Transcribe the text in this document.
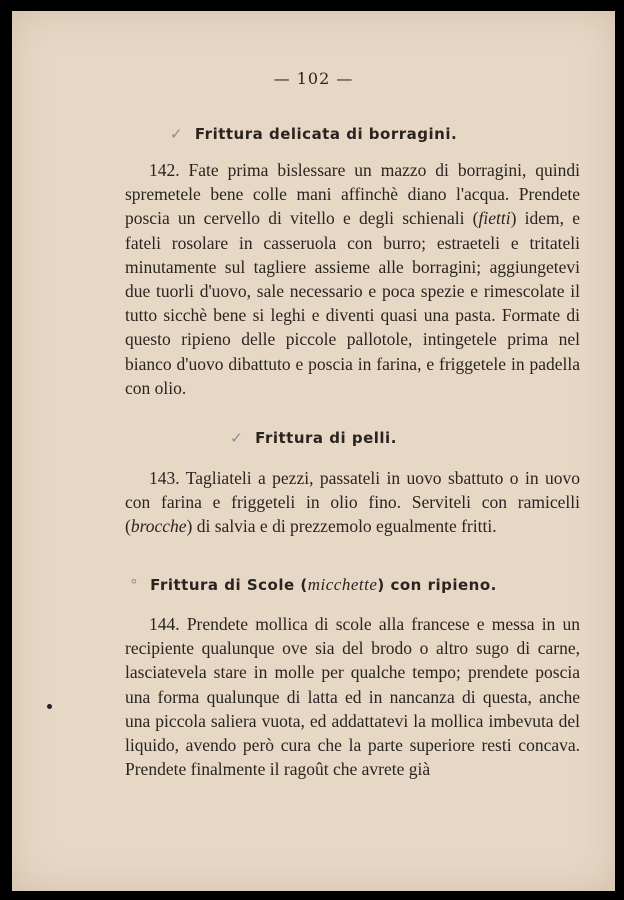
— 102 —
✓ Frittura delicata di borragini.
142. Fate prima bislessare un mazzo di borragini, quindi spremetele bene colle mani affinchè diano l'acqua. Prendete poscia un cervello di vitello e degli schienali (fietti) idem, e fateli rosolare in casseruola con burro; estraeteli e tritateli minutamente sul tagliere assieme alle borragini; aggiungetevi due tuorli d'uovo, sale necessario e poca spezie e rimescolate il tutto sicchè bene si leghi e diventi quasi una pasta. Formate di questo ripieno delle piccole pallotole, intingetele prima nel bianco d'uovo dibattuto e poscia in farina, e friggetele in padella con olio.
✓ Frittura di pelli.
143. Tagliateli a pezzi, passateli in uovo sbattuto o in uovo con farina e friggeteli in olio fino. Serviteli con ramicelli (brocche) di salvia e di prezzemolo egualmente fritti.
° Frittura di Scole (micchette) con ripieno.
144. Prendete mollica di scole alla francese e messa in un recipiente qualunque ove sia del brodo o altro sugo di carne, lasciatevela stare in molle per qualche tempo; prendete poscia una forma qualunque di latta ed in nancanza di questa, anche una piccola saliera vuota, ed addattatevi la mollica imbevuta del liquido, avendo però cura che la parte superiore resti concava. Prendete finalmente il ragoût che avrete già
